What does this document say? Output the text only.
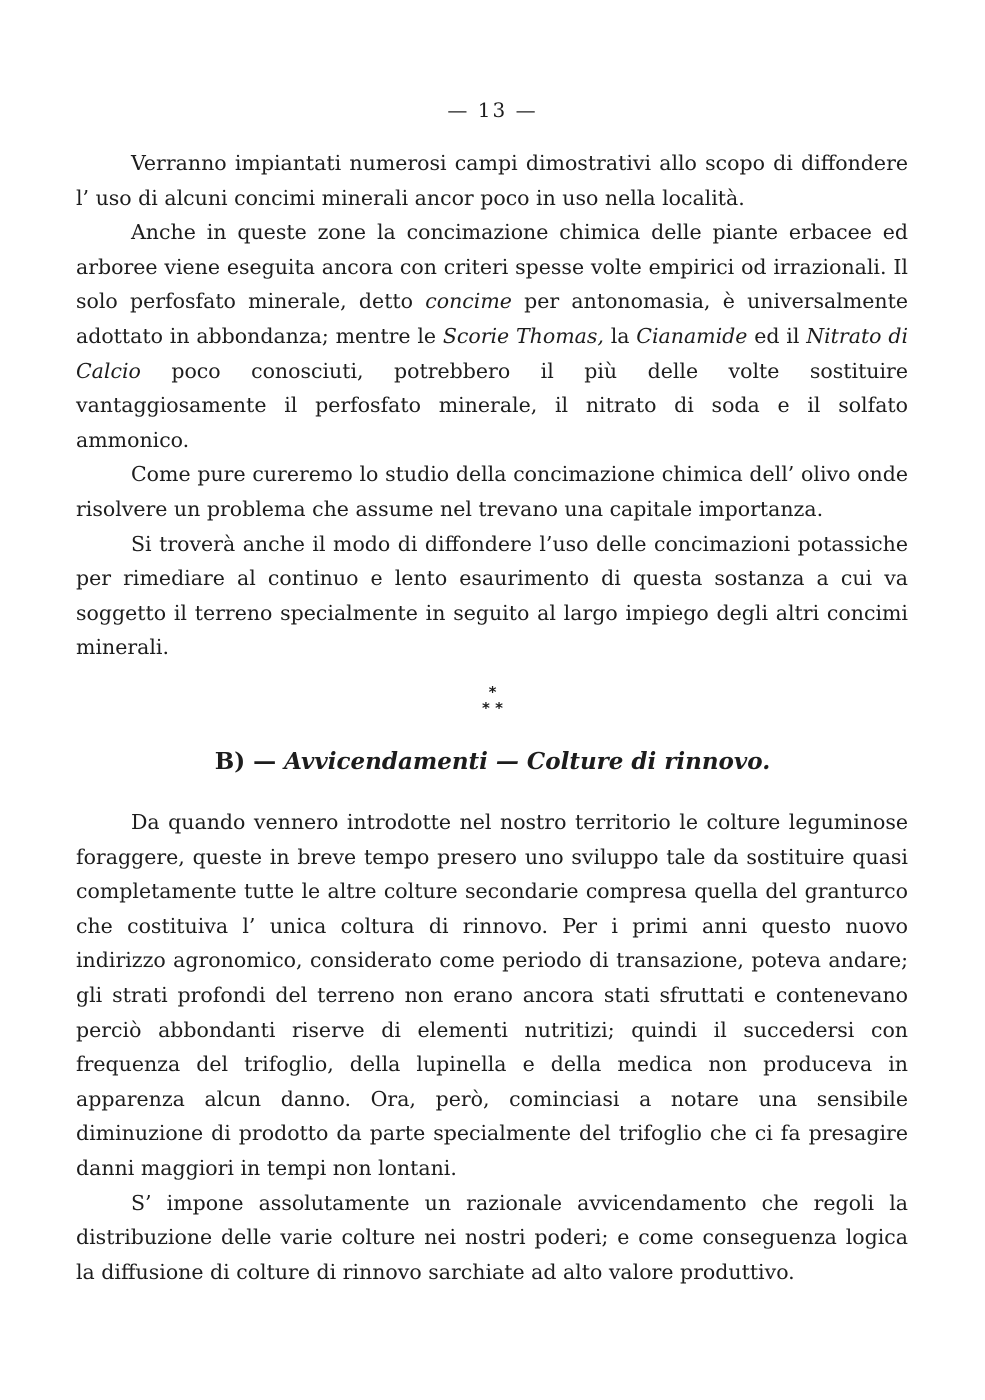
— 13 —

Verranno impiantati numerosi campi dimostrativi allo scopo di diffondere l’ uso di alcuni concimi minerali ancor poco in uso nella località.

Anche in queste zone la concimazione chimica delle piante erbacee ed arboree viene eseguita ancora con criteri spesse volte empirici od irrazionali. Il solo perfosfato minerale, detto concime per antonomasia, è universalmente adottato in abbondanza; mentre le Scorie Thomas, la Cianamide ed il Nitrato di Calcio poco conosciuti, potrebbero il più delle volte sostituire vantaggiosamente il perfosfato minerale, il nitrato di soda e il solfato ammonico.

Come pure cureremo lo studio della concimazione chimica dell’ olivo onde risolvere un problema che assume nel trevano una capitale importanza.

Si troverà anche il modo di diffondere l’uso delle concimazioni potassiche per rimediare al continuo e lento esaurimento di questa sostanza a cui va soggetto il terreno specialmente in seguito al largo impiego degli altri concimi minerali.

*
* *
B) — Avvicendamenti — Colture di rinnovo.

Da quando vennero introdotte nel nostro territorio le colture leguminose foraggere, queste in breve tempo presero uno sviluppo tale da sostituire quasi completamente tutte le altre colture secondarie compresa quella del granturco che costituiva l’ unica coltura di rinnovo. Per i primi anni questo nuovo indirizzo agronomico, considerato come periodo di transazione, poteva andare; gli strati profondi del terreno non erano ancora stati sfruttati e contenevano perciò abbondanti riserve di elementi nutritizi; quindi il succedersi con frequenza del trifoglio, della lupinella e della medica non produceva in apparenza alcun danno. Ora, però, cominciasi a notare una sensibile diminuzione di prodotto da parte specialmente del trifoglio che ci fa presagire danni maggiori in tempi non lontani.

S’ impone assolutamente un razionale avvicendamento che regoli la distribuzione delle varie colture nei nostri poderi; e come conseguenza logica la diffusione di colture di rinnovo sarchiate ad alto valore produttivo.
